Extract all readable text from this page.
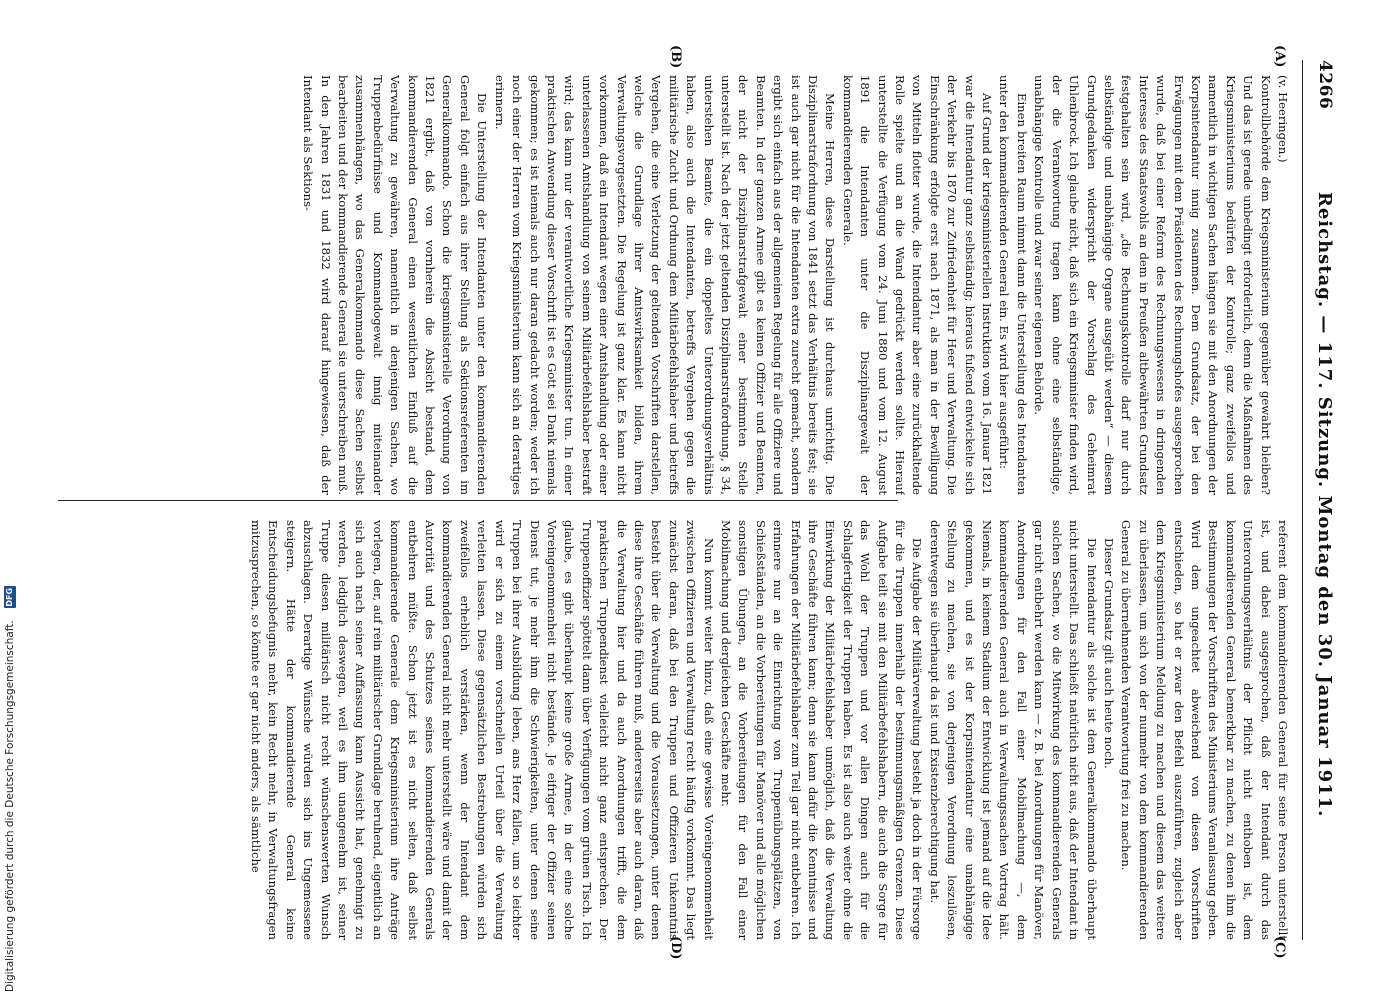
4266
Reichstag. — 117. Sitzung. Montag den 30. Januar 1911.
(A)
(B)
(C)
(D)

(v. Heeringen.)

Kontrollbehörde dem Kriegsministerium gegenüber gewahrt bleiben? Und das ist gerade unbedingt erforderlich, denn die Maßnahmen des Kriegsministeriums bedürfen der Kontrolle; ganz zweifellos und namentlich in wichtigen Sachen hängen sie mit den Anordnungen der Korpsintendantur innig zusammen. Dem Grundsatz, der bei den Erwägungen mit dem Präsidenten des Rechnungshofes ausgesprochen wurde, daß bei einer Reform des Rechnungswesens in dringenden Interesse des Staatswohls an dem in Preußen altbewährten Grundsatz festgehalten sein wird, „die Rechnungskontrolle darf nur durch selbständige und unabhängige Organe ausgeübt werden“ — diesem Grundgedanken widerspricht der Vorschlag des Geheimrat Uhlenbrock. Ich glaube nicht, daß sich ein Kriegsminister finden wird, der die Verantwortung tragen kann ohne eine selbständige, unabhängige Kontrolle und zwar seiner eigenen Behörde.

Einen breiten Raum nimmt dann die Unterstellung des Intendanten unter den kommandierenden General ein. Es wird hier ausgeführt:

Auf Grund der kriegsministeriellen Instruktion vom 16. Januar 1821 war die Intendantur ganz selbständig; hieraus fußend entwickelte sich der Verkehr bis 1870 zur Zufriedenheit für Heer und Verwaltung. Die Einschränkung erfolgte erst nach 1871, als man in der Bewilligung von Mitteln flotter wurde, die Intendantur aber eine zurückhaltende Rolle spielte und an die Wand gedrückt werden sollte. Hierauf unterstellte die Verfügung vom 24. Juni 1880 und vom 12. August 1891 die Intendanten unter die Disziplinargewalt der kommandierenden Generale.

Meine Herren, diese Darstellung ist durchaus unrichtig. Die Disziplinarstrafordnung von 1841 setzt das Verhältnis bereits fest; sie ist auch gar nicht für die Intendanten extra zurecht gemacht, sondern ergibt sich einfach aus der allgemeinen Regelung für alle Offiziere und Beamten. In der ganzen Armee gibt es keinen Offizier und Beamten, der nicht der Disziplinarstrafgewalt einer bestimmten Stelle unterstellt ist. Nach der jetzt geltenden Disziplinarstrafordnung, § 34, unterstehen Beamte, die ein doppeltes Unterordnungsverhältnis haben, also auch die Intendanten, betreffs Vergehen gegen die militärische Zucht und Ordnung dem Militärbefehlshaber und betreffs Vergehen, die eine Verletzung der geltenden Vorschriften darstellen, welche die Grundlage ihrer Amtswirksamkeit bilden, ihrem Verwaltungsvorgesetzten. Die Regelung ist ganz klar. Es kann nicht vorkommen, daß ein Intendant wegen einer Amtshandlung oder einer unterlassenen Amtshandlung von seinem Militärbefehlshaber bestraft wird; das kann nur der verantwortliche Kriegsminister tun. In einer praktischen Anwendung dieser Vorschrift ist es Gott sei Dank niemals gekommen; es ist niemals auch nur daran gedacht worden; weder ich noch einer der Herren vom Kriegsministerium kann sich an derartiges erinnern.

Die Unterstellung der Intendanten unter den kommandierenden General folgt einfach aus ihrer Stellung als Sektionsreferenten im Generalkommando. Schon die kriegsministerielle Verordnung von 1821 ergibt, daß von vornherein die Absicht bestand, dem kommandierenden General einen wesentlichen Einfluß auf die Verwaltung zu gewähren, namentlich in denjenigen Sachen, wo Truppenbedürfnisse und Kommandogewalt innig miteinander zusammenhängen, wo das Generalkommando diese Sachen selbst bearbeiten und der kommandierende General sie unterschreiben muß. In den Jahren 1831 und 1832 wird darauf hingewiesen, daß der Intendant als Sektions-

referent dem kommandierenden General für seine Person unterstellt ist, und dabei ausgesprochen, daß der Intendant durch das Unterordnungsverhältnis der Pflicht nicht enthoben ist, dem kommandierenden General bemerkbar zu machen, zu denen ihm die Bestimmungen der Vorschriften des Ministeriums Veranlassung geben. Wird dem ungeachtet abweichend von diesen Vorschriften entschieden, so hat er zwar den Befehl auszuführen, zugleich aber dem Kriegsministerium Meldung zu machen und diesem das weitere zu überlassen, um sich von der nunmehr von dem kommandierenden General zu übernehmenden Verantwortung frei zu machen.

Dieser Grundsatz gilt auch heute noch.

Die Intendantur als solche ist dem Generalkommando überhaupt nicht unterstellt. Das schließt natürlich nicht aus, daß der Intendant in solchen Sachen, wo die Mitwirkung des kommandierenden Generals gar nicht entbehrt werden kann — z. B. bei Anordnungen für Manöver, Anordnungen für den Fall einer Mobilmachung —, dem kommandierenden General auch in Verwaltungssachen Vortrag hält. Niemals, in keinem Stadium der Entwicklung ist jemand auf die Idee gekommen, und es ist der Korpsintendantur eine unabhängige Stellung zu machen, sie von derjenigen Verordnung loszulösen, derentwegen sie überhaupt da ist und Existenzberechtigung hat.

Die Aufgabe der Militärverwaltung besteht ja doch in der Fürsorge für die Truppen innerhalb der bestimmungsmäßigen Grenzen. Diese Aufgabe teilt sie mit den Militärbefehlshabern, die auch die Sorge für das Wohl der Truppen und vor allen Dingen auch für die Schlagfertigkeit der Truppen haben. Es ist also auch weiter ohne die Einwirkung der Militärbefehlshaber unmöglich, daß die Verwaltung ihre Geschäfte führen kann; denn sie kann dafür die Kenntnisse und Erfahrungen der Militärbefehlshaber zum Teil gar nicht entbehren. Ich erinnere nur an die Einrichtung von Truppenübungsplätzen, von Schießständen, an die Vorbereitungen für Manöver und alle möglichen sonstigen Übungen, an die Vorbereitungen für den Fall einer Mobilmachung und dergleichen Geschäfte mehr.

Nun kommt weiter hinzu, daß eine gewisse Voreingenommenheit zwischen Offizieren und Verwaltung recht häufig vorkommt. Das liegt zunächst daran, daß bei den Truppen und Offizieren Unkenntnis besteht über die Verwaltung und die Voraussetzungen, unter denen diese ihre Geschäfte führen muß, andererseits aber auch daran, daß die Verwaltung hier und da auch Anordnungen trifft, die dem praktischen Truppendienst vielleicht nicht ganz entsprechen. Der Truppenoffizier spöttelt dann über Verfügungen vom grünen Tisch. Ich glaube, es gibt überhaupt keine große Armee, in der eine solche Voreingenommenheit nicht bestände. Je eifriger der Offizier seinen Dienst tut, je mehr ihm die Schwierigkeiten, unter denen seine Truppen bei ihrer Ausbildung leben, ans Herz fallen, um so leichter wird er sich zu einem vorschnellen Urteil über die Verwaltung verleiten lassen. Diese gegensätzlichen Bestrebungen würden sich zweifellos erheblich verstärken, wenn der Intendant dem kommandierenden General nicht mehr unterstellt wäre und damit der Autorität und des Schutzes seines kommandierenden Generals entbehren müßte. Schon jetzt ist es nicht selten, daß selbst kommandierende Generale dem Kriegsministerium ihre Anträge vorlegen, der, auf rein militärischer Grundlage beruhend, eigentlich an sich auch nach seiner Auffassung kann Aussicht hat, genehmigt zu werden, lediglich deswegen, weil es ihm unangenehm ist, seiner Truppe diesen militärisch nicht recht wünschenswerten Wunsch abzuschlagen. Derartige Wünsche würden sich ins Ungemessene steigern. Hätte der kommandierende General keine Entscheidungsbefugnis mehr, kein Recht mehr, in Verwaltungsfragen mitzusprechen, so könnte er gar nicht anders, als sämtliche

Digitalisierung gefördert durch die Deutsche Forschungsgemeinschaft.
DFG
